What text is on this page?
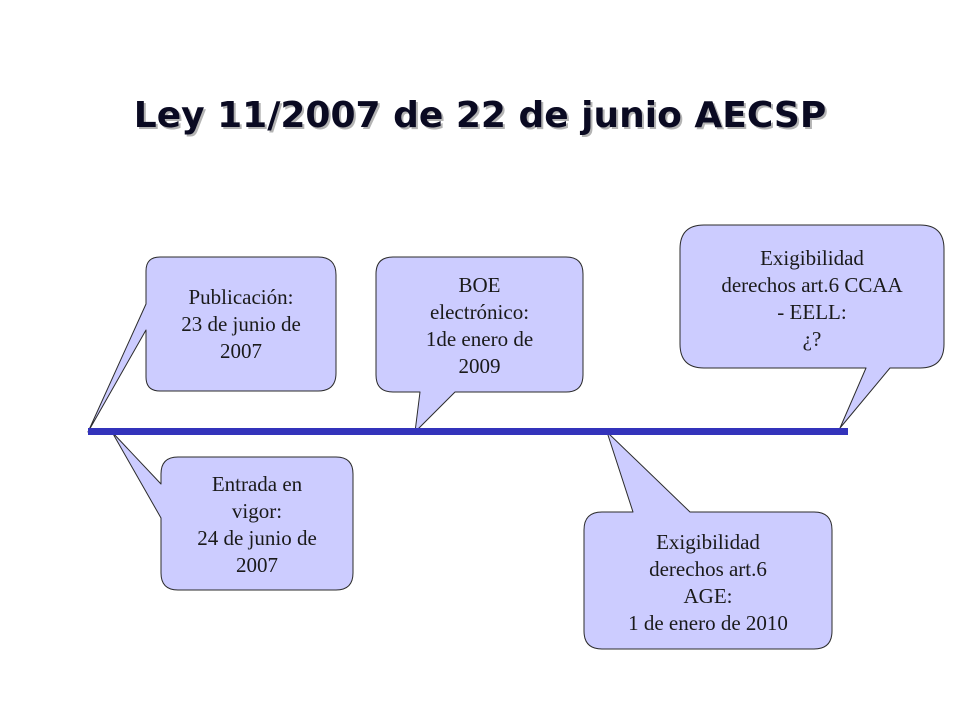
Ley 11/2007 de 22 de junio AECSP
Publicación:
23 de junio de
2007
Entrada en
vigor:
24 de junio de
2007
BOE
electrónico:
1de enero de
2009
Exigibilidad
derechos art.6
AGE:
1 de enero de 2010
Exigibilidad
derechos art.6 CCAA
- EELL:
¿?
